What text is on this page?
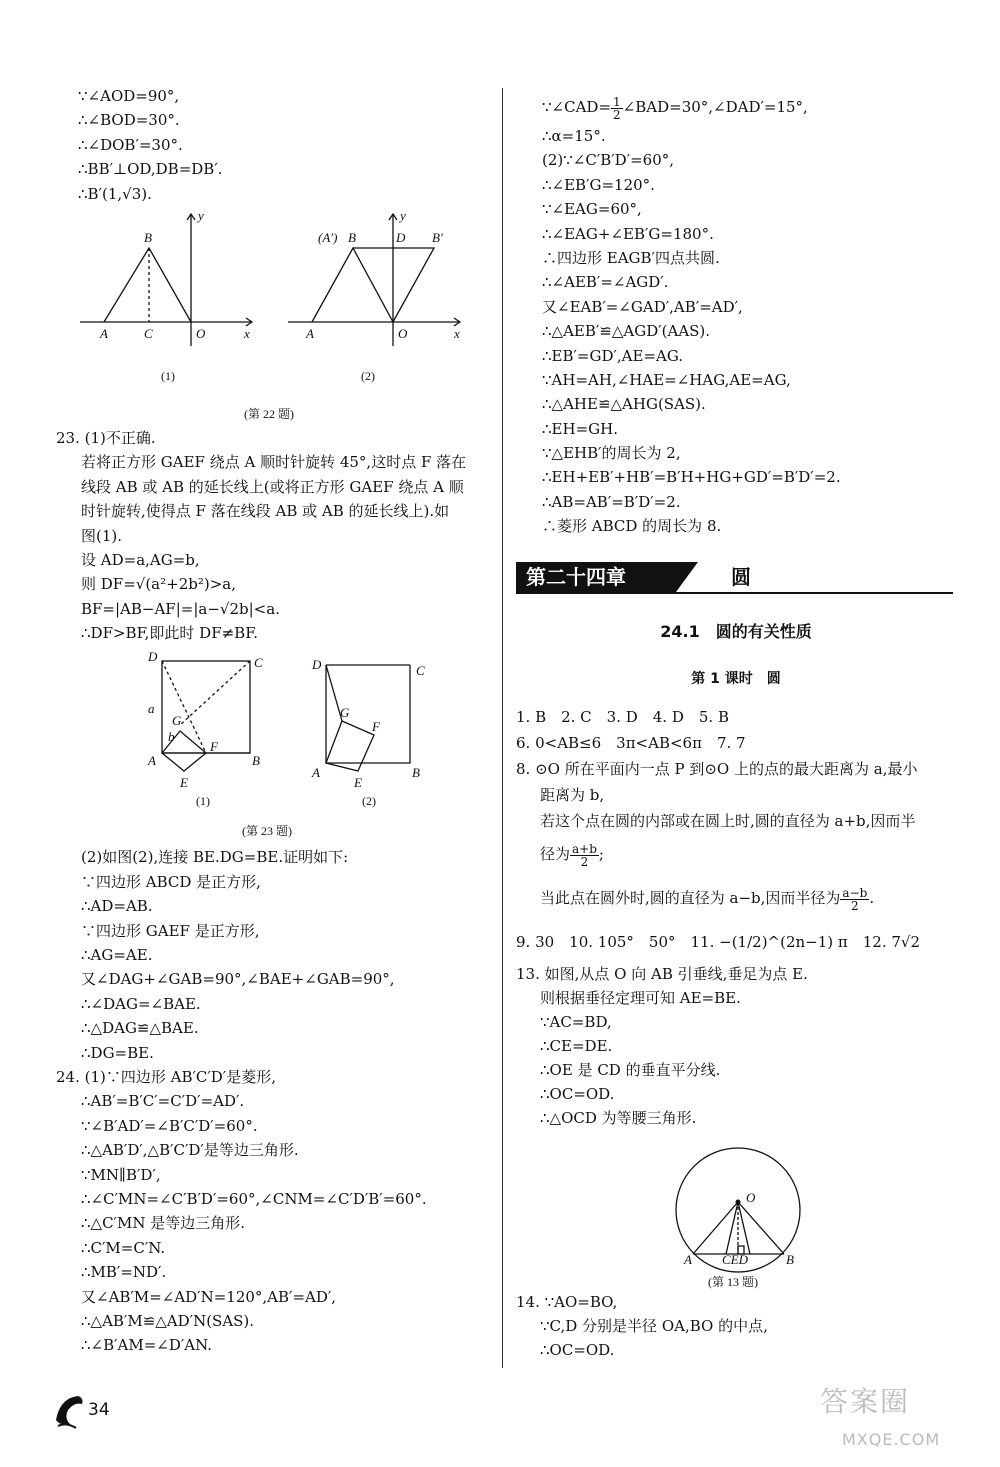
∵∠AOD=90°,
∴∠BOD=30°.
∴∠DOB′=30°.
∴BB′⊥OD,DB=DB′.
∴B′(1,√3).
y
B
A	C	O	x
y
(A′) B	D B′
A	O	x
(1)	(2)
(第 22 题)
23. (1)不正确.
若将正方形 GAEF 绕点 A 顺时针旋转 45°,这时点 F 落在
线段 AB 或 AB 的延长线上(或将正方形 GAEF 绕点 A 顺
时针旋转,使得点 F 落在线段 AB 或 AB 的延长线上).如
图(1).
设 AD=a,AG=b,
则 DF=√(a²+2b²)>a,
BF=|AB−AF|=|a−√2b|<a.
∴DF>BF,即此时 DF≠BF.
D	C
a
G
b
F
A	B
E
D	C
G
F
A	B
E
(1)	(2)
(第 23 题)
(2)如图(2),连接 BE.DG=BE.证明如下:
∵四边形 ABCD 是正方形,
∴AD=AB.
∵四边形 GAEF 是正方形,
∴AG=AE.
又∠DAG+∠GAB=90°,∠BAE+∠GAB=90°,
∴∠DAG=∠BAE.
∴△DAG≌△BAE.
∴DG=BE.
24. (1)∵四边形 AB′C′D′是菱形,
∴AB′=B′C′=C′D′=AD′.
∵∠B′AD′=∠B′C′D′=60°.
∴△AB′D′,△B′C′D′是等边三角形.
∵MN∥B′D′,
∴∠C′MN=∠C′B′D′=60°,∠CNM=∠C′D′B′=60°.
∴△C′MN 是等边三角形.
∴C′M=C′N.
∴MB′=ND′.
又∠AB′M=∠AD′N=120°,AB′=AD′,
∴△AB′M≌△AD′N(SAS).
∴∠B′AM=∠D′AN.
∵∠CAD= $\frac{1}{2}$ ∠BAD=30°,∠DAD′=15°,
∴α=15°.
(2)∵∠C′B′D′=60°,
∴∠EB′G=120°.
∵∠EAG=60°,
∴∠EAG+∠EB′G=180°.
∴四边形 EAGB′四点共圆.
∴∠AEB′=∠AGD′.
又∠EAB′=∠GAD′,AB′=AD′,
∴△AEB′≌△AGD′(AAS).
∴EB′=GD′,AE=AG.
∵AH=AH,∠HAE=∠HAG,AE=AG,
∴△AHE≌△AHG(SAS).
∴EH=GH.
∵△EHB′的周长为 2,
∴EH+EB′+HB′=B′H+HG+GD′=B′D′=2.
∴AB=AB′=B′D′=2.
∴菱形 ABCD 的周长为 8.
第二十四章	圆
24.1　圆的有关性质
第 1 课时　圆
1. B　2. C　3. D　4. D　5. B
6. 0<AB≤6　3π<AB<6π　7. 7
8. ⊙O 所在平面内一点 P 到⊙O 上的点的最大距离为 a,最小
距离为 b,
若这个点在圆的内部或在圆上时,圆的直径为 a+b,因而半
径为 $\frac{a+b}{2}$ ;
当此点在圆外时,圆的直径为 a−b,因而半径为 $\frac{a-b}{2}$ .
9. 30　10. 105°　50°　11. −(1/2)^(2n−1) π　12. 7√2
13. 如图,从点 O 向 AB 引垂线,垂足为点 E.
则根据垂径定理可知 AE=BE.
∵AC=BD,
∴CE=DE.
∴OE 是 CD 的垂直平分线.
∴OC=OD.
∴△OCD 为等腰三角形.
O
A CED	B
(第 13 题)
14. ∵AO=BO,
∵C,D 分别是半径 OA,BO 的中点,
∴OC=OD.
34	答案圈
MXQE.COM
